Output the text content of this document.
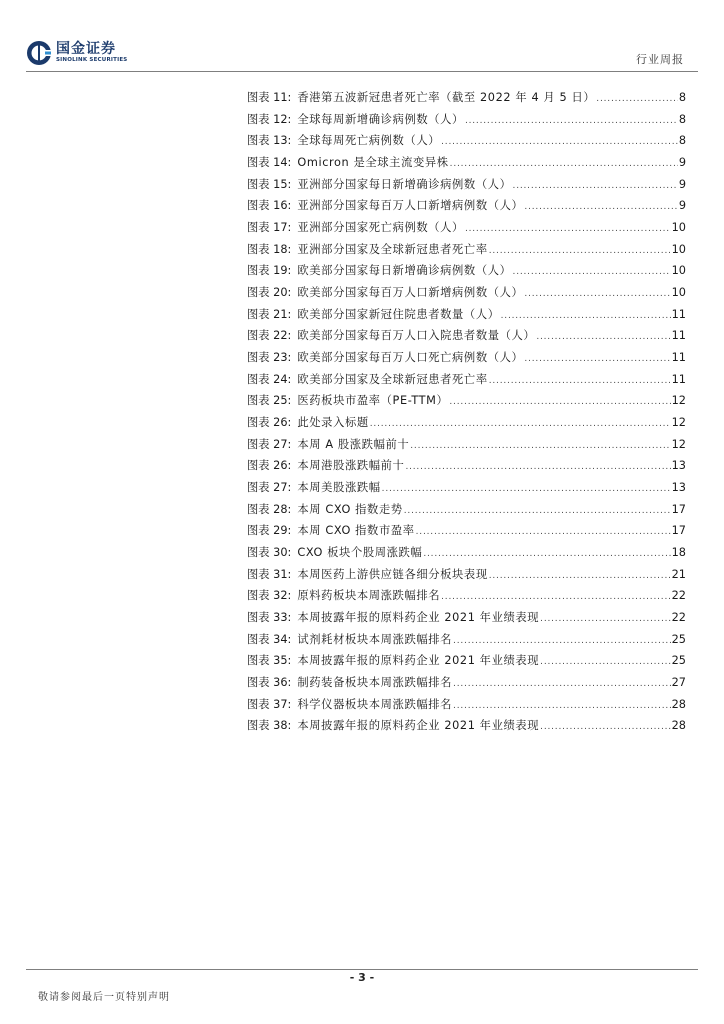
国金证券
SINOLINK SECURITIES	行业周报
图表 11: 香港第五波新冠患者死亡率（截至 2022 年 4 月 5 日） .....	8
图表 12: 全球每周新增确诊病例数（人） .....	8
图表 13: 全球每周死亡病例数（人） .....	8
图表 14: Omicron 是全球主流变异株 .....	9
图表 15: 亚洲部分国家每日新增确诊病例数（人） .....	9
图表 16: 亚洲部分国家每百万人口新增病例数（人） .....	9
图表 17: 亚洲部分国家死亡病例数（人） .....	10
图表 18: 亚洲部分国家及全球新冠患者死亡率 .....	10
图表 19: 欧美部分国家每日新增确诊病例数（人） .....	10
图表 20: 欧美部分国家每百万人口新增病例数（人） .....	10
图表 21: 欧美部分国家新冠住院患者数量（人） .....	11
图表 22: 欧美部分国家每百万人口入院患者数量（人） .....	11
图表 23: 欧美部分国家每百万人口死亡病例数（人） .....	11
图表 24: 欧美部分国家及全球新冠患者死亡率 .....	11
图表 25: 医药板块市盈率（PE-TTM） .....	12
图表 26: 此处录入标题 .....	12
图表 27: 本周 A 股涨跌幅前十 .....	12
图表 26: 本周港股涨跌幅前十 .....	13
图表 27: 本周美股涨跌幅 .....	13
图表 28: 本周 CXO 指数走势 .....	17
图表 29: 本周 CXO 指数市盈率 .....	17
图表 30: CXO 板块个股周涨跌幅 .....	18
图表 31: 本周医药上游供应链各细分板块表现 .....	21
图表 32: 原料药板块本周涨跌幅排名 .....	22
图表 33: 本周披露年报的原料药企业 2021 年业绩表现 .....	22
图表 34: 试剂耗材板块本周涨跌幅排名 .....	25
图表 35: 本周披露年报的原料药企业 2021 年业绩表现 .....	25
图表 36: 制药装备板块本周涨跌幅排名 .....	27
图表 37: 科学仪器板块本周涨跌幅排名 .....	28
图表 38: 本周披露年报的原料药企业 2021 年业绩表现 .....	28
- 3 -
敬请参阅最后一页特别声明
